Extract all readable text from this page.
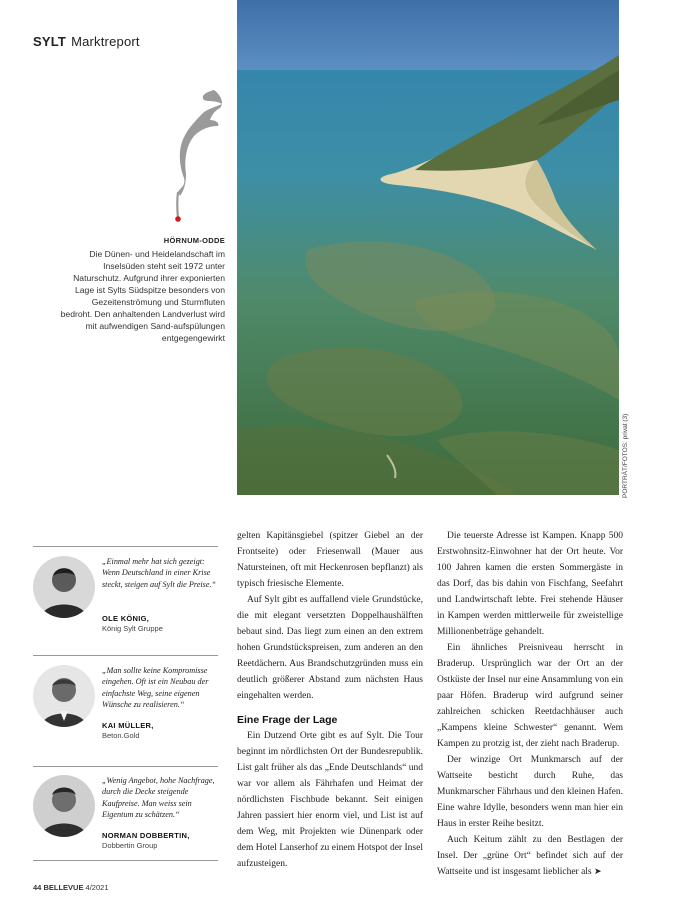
SYLT Marktreport
PORTRÄT/FOTOS: privat (3)
HÖRNUM-ODDE
Die Dünen- und Heidelandschaft im Inselsüden steht seit 1972 unter Naturschutz. Aufgrund ihrer exponierten Lage ist Sylts Südspitze besonders von Gezeitenströmung und Sturmfluten bedroht. Den anhaltenden Landverlust wird mit aufwendigen Sand-aufspülungen entgegengewirkt
„Einmal mehr hat sich gezeigt: Wenn Deutschland in einer Krise steckt, steigen auf Sylt die Preise.“
OLE KÖNIG,
König Sylt Gruppe
„Man sollte keine Kompromisse eingehen. Oft ist ein Neubau der einfachste Weg, seine eigenen Wünsche zu realisieren.“
KAI MÜLLER,
Beton.Gold
„Wenig Angebot, hohe Nachfrage, durch die Decke steigende Kaufpreise. Man weiss sein Eigentum zu schätzen.“
NORMAN DOBBERTIN,
Dobbertin Group

gelten Kapitänsgiebel (spitzer Giebel an der Frontseite) oder Friesenwall (Mauer aus Natursteinen, oft mit Heckenrosen bepflanzt) als typisch friesische Elemente.

Auf Sylt gibt es auffallend viele Grundstücke, die mit elegant versetzten Doppelhaushälften bebaut sind. Das liegt zum einen an den extrem hohen Grundstückspreisen, zum anderen an den Reetdächern. Aus Brandschutzgründen muss ein deutlich größerer Abstand zum nächsten Haus eingehalten werden.

Eine Frage der Lage

Ein Dutzend Orte gibt es auf Sylt. Die Tour beginnt im nördlichsten Ort der Bundesrepublik. List galt früher als das „Ende Deutschlands“ und war vor allem als Fährhafen und Heimat der nördlichsten Fischbude bekannt. Seit einigen Jahren passiert hier enorm viel, und List ist auf dem Weg, mit Projekten wie Dünenpark oder dem Hotel Lanserhof zu einem Hotspot der Insel aufzusteigen.

Die teuerste Adresse ist Kampen. Knapp 500 Erstwohnsitz-Einwohner hat der Ort heute. Vor 100 Jahren kamen die ersten Sommergäste in das Dorf, das bis dahin von Fischfang, Seefahrt und Landwirtschaft lebte. Frei stehende Häuser in Kampen werden mittlerweile für zweistellige Millionenbeträge gehandelt.

Ein ähnliches Preisniveau herrscht in Braderup. Ursprünglich war der Ort an der Ostküste der Insel nur eine Ansammlung von ein paar Höfen. Braderup wird aufgrund seiner zahlreichen schicken Reetdachhäuser auch „Kampens kleine Schwester“ genannt. Wem Kampen zu protzig ist, der zieht nach Braderup.

Der winzige Ort Munkmarsch auf der Wattseite besticht durch Ruhe, das Munkmarscher Fährhaus und den kleinen Hafen. Eine wahre Idylle, besonders wenn man hier ein Haus in erster Reihe besitzt.

Auch Keitum zählt zu den Bestlagen der Insel. Der „grüne Ort“ befindet sich auf der Wattseite und ist insgesamt lieblicher als ➤

44 BELLEVUE 4/2021
